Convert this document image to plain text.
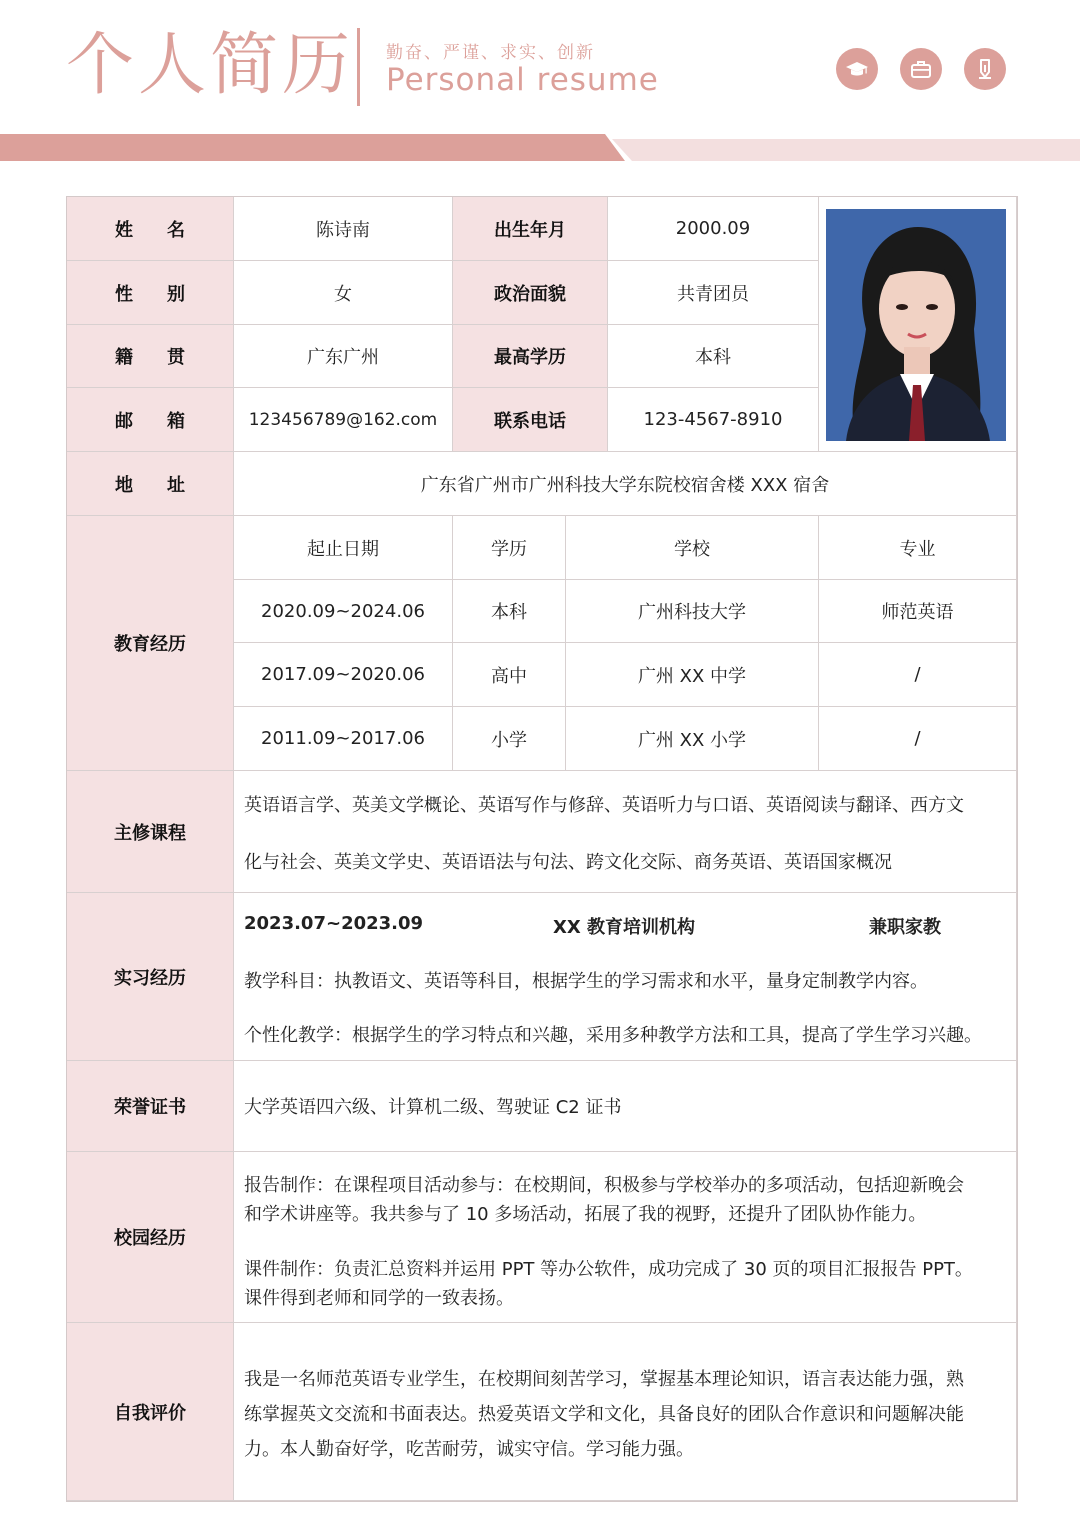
个人简历 勤奋、严谨、求实、创新
Personal resume
姓名	陈诗南	出生年月	2000.09
性别	女	政治面貌	共青团员
籍贯	广东广州	最高学历	本科
邮箱	123456789@162.com	联系电话	123-4567-8910
地址	广东省广州市广州科技大学东院校宿舍楼 XXX 宿舍
教育经历
起止日期	学历	学校	专业
2020.09~2024.06	本科	广州科技大学	师范英语
2017.09~2020.06	高中	广州 XX 中学	/
2011.09~2017.06	小学	广州 XX 小学	/
主修课程
英语语言学、英美文学概论、英语写作与修辞、英语听力与口语、英语阅读与翻译、西方文
化与社会、英美文学史、英语语法与句法、跨文化交际、商务英语、英语国家概况
实习经历
2023.07~2023.09	XX 教育培训机构	兼职家教
教学科目：执教语文、英语等科目，根据学生的学习需求和水平，量身定制教学内容。
个性化教学：根据学生的学习特点和兴趣，采用多种教学方法和工具，提高了学生学习兴趣。
荣誉证书	大学英语四六级、计算机二级、驾驶证 C2 证书
校园经历
报告制作：在课程项目活动参与：在校期间，积极参与学校举办的多项活动，包括迎新晚会
和学术讲座等。我共参与了 10 多场活动，拓展了我的视野，还提升了团队协作能力。
课件制作：负责汇总资料并运用 PPT 等办公软件，成功完成了 30 页的项目汇报报告 PPT。
课件得到老师和同学的一致表扬。
自我评价
我是一名师范英语专业学生，在校期间刻苦学习，掌握基本理论知识，语言表达能力强，熟
练掌握英文交流和书面表达。热爱英语文学和文化，具备良好的团队合作意识和问题解决能
力。本人勤奋好学，吃苦耐劳，诚实守信。学习能力强。
